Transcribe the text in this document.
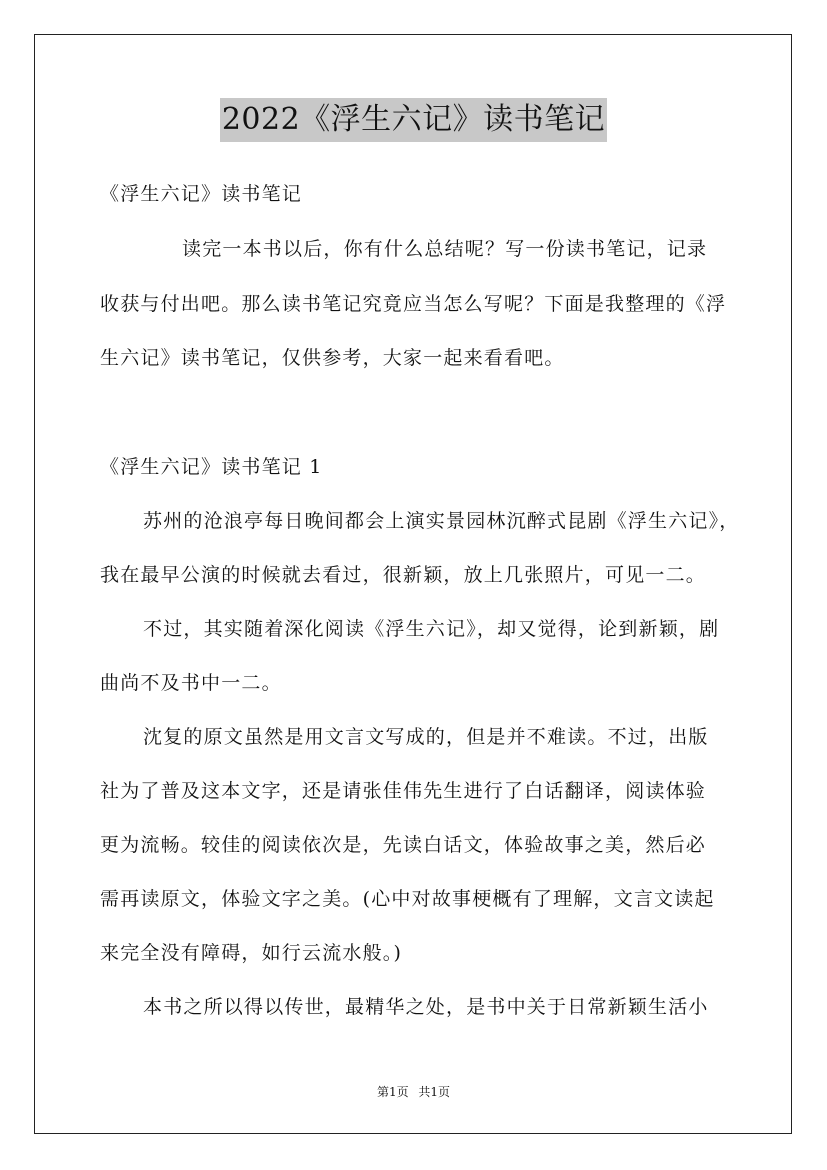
2022《浮生六记》读书笔记
《浮生六记》读书笔记
读完一本书以后，你有什么总结呢？写一份读书笔记，记录
收获与付出吧。那么读书笔记究竟应当怎么写呢？下面是我整理的《浮
生六记》读书笔记，仅供参考，大家一起来看看吧。
《浮生六记》读书笔记 1
苏州的沧浪亭每日晚间都会上演实景园林沉醉式昆剧《浮生六记》，
我在最早公演的时候就去看过，很新颖，放上几张照片，可见一二。
不过，其实随着深化阅读《浮生六记》，却又觉得，论到新颖，剧
曲尚不及书中一二。
沈复的原文虽然是用文言文写成的，但是并不难读。不过，出版
社为了普及这本文字，还是请张佳伟先生进行了白话翻译，阅读体验
更为流畅。较佳的阅读依次是，先读白话文，体验故事之美，然后必
需再读原文，体验文字之美。(心中对故事梗概有了理解，文言文读起
来完全没有障碍，如行云流水般。)
本书之所以得以传世，最精华之处，是书中关于日常新颖生活小
第1页 共1页
